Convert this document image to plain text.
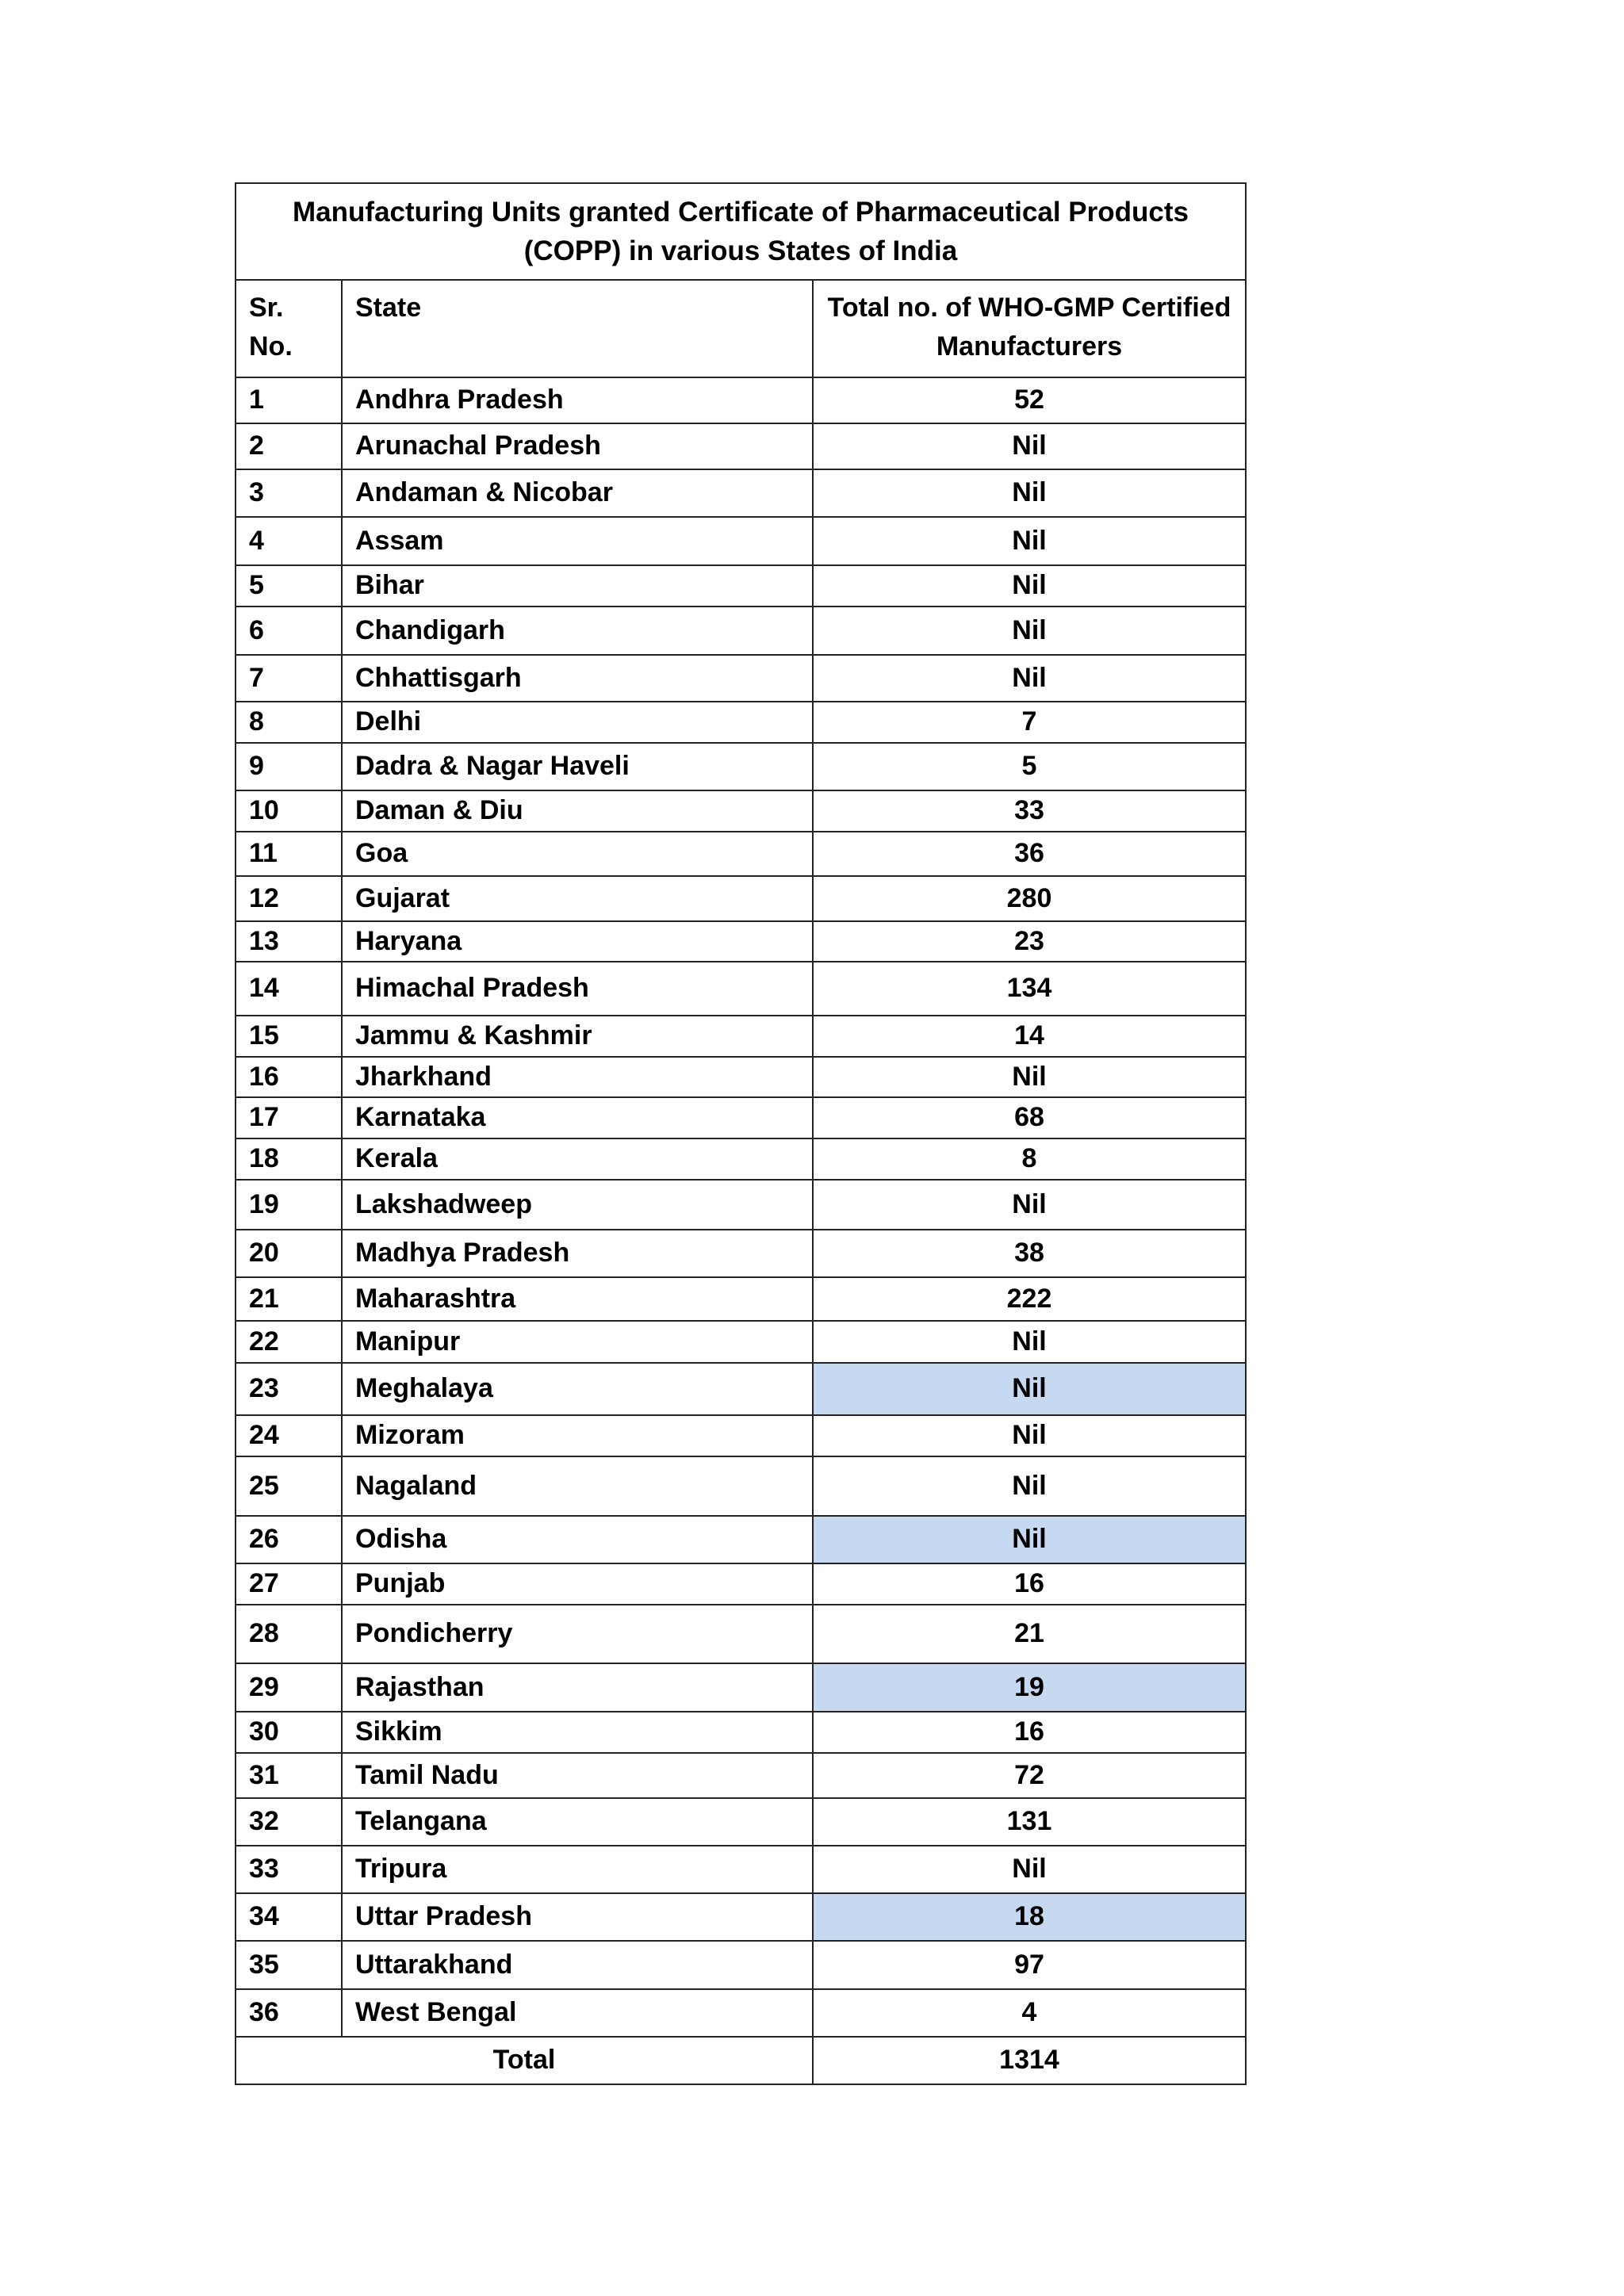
Manufacturing Units granted Certificate of Pharmaceutical Products (COPP) in various States of India		
Sr. No.	State	Total no. of WHO-GMP Certified Manufacturers
1	Andhra Pradesh	52
2	Arunachal Pradesh	Nil
3	Andaman & Nicobar	Nil
4	Assam	Nil
5	Bihar	Nil
6	Chandigarh	Nil
7	Chhattisgarh	Nil
8	Delhi	7
9	Dadra & Nagar Haveli	5
10	Daman & Diu	33
11	Goa	36
12	Gujarat	280
13	Haryana	23
14	Himachal Pradesh	134
15	Jammu & Kashmir	14
16	Jharkhand	Nil
17	Karnataka	68
18	Kerala	8
19	Lakshadweep	Nil
20	Madhya Pradesh	38
21	Maharashtra	222
22	Manipur	Nil
23	Meghalaya	Nil
24	Mizoram	Nil
25	Nagaland	Nil
26	Odisha	Nil
27	Punjab	16
28	Pondicherry	21
29	Rajasthan	19
30	Sikkim	16
31	Tamil Nadu	72
32	Telangana	131
33	Tripura	Nil
34	Uttar Pradesh	18
35	Uttarakhand	97
36	West Bengal	4
Total		1314
